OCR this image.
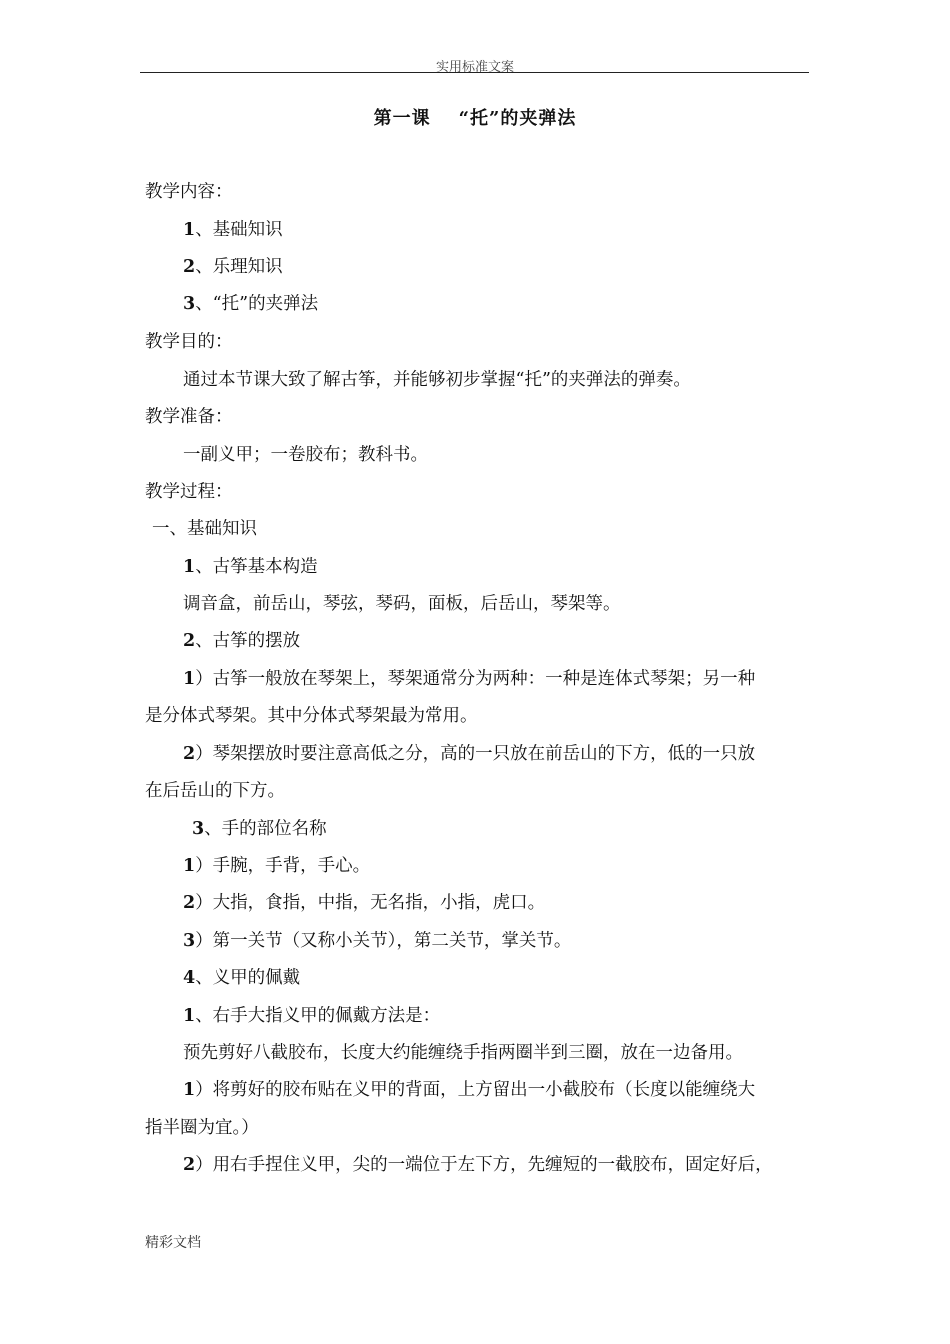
实用标准文案
第一课 “托”的夹弹法
教学内容：
1、基础知识
2、乐理知识
3、“托”的夹弹法
教学目的：
通过本节课大致了解古筝，并能够初步掌握“托”的夹弹法的弹奏。
教学准备：
一副义甲；一卷胶布；教科书。
教学过程：
一、基础知识
1、古筝基本构造
调音盒，前岳山，琴弦，琴码，面板，后岳山，琴架等。
2、古筝的摆放
1）古筝一般放在琴架上，琴架通常分为两种：一种是连体式琴架；另一种
是分体式琴架。其中分体式琴架最为常用。
2）琴架摆放时要注意高低之分，高的一只放在前岳山的下方，低的一只放
在后岳山的下方。
3、手的部位名称
1）手腕，手背，手心。
2）大指，食指，中指，无名指，小指，虎口。
3）第一关节（又称小关节），第二关节，掌关节。
4、义甲的佩戴
1、右手大指义甲的佩戴方法是：
预先剪好八截胶布，长度大约能缠绕手指两圈半到三圈，放在一边备用。
1）将剪好的胶布贴在义甲的背面，上方留出一小截胶布（长度以能缠绕大
指半圈为宜。）
2）用右手捏住义甲，尖的一端位于左下方，先缠短的一截胶布，固定好后，
精彩文档
